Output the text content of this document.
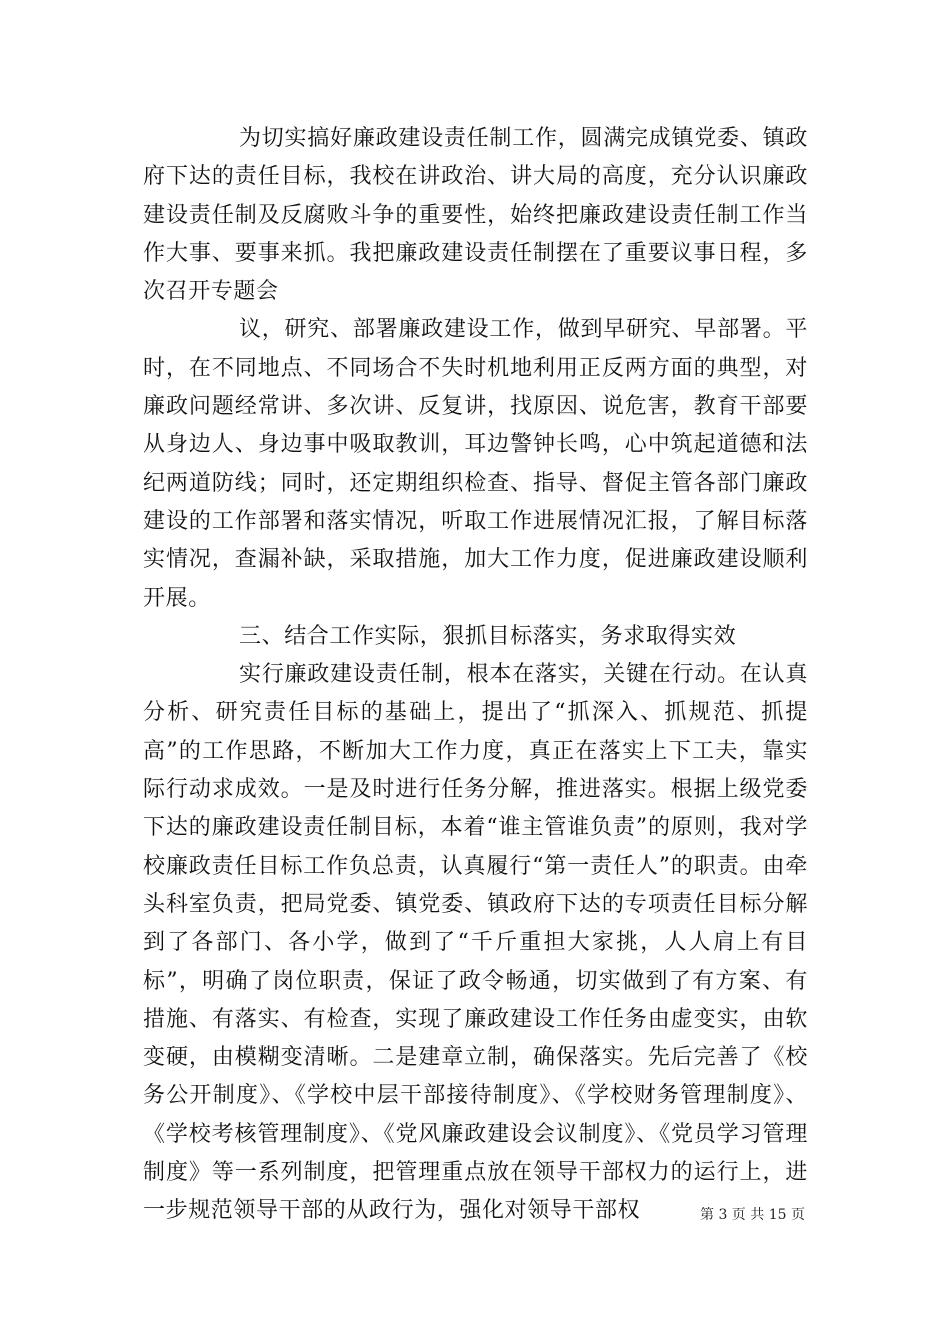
为切实搞好廉政建设责任制工作，圆满完成镇党委、镇政府下达的责任目标，我校在讲政治、讲大局的高度，充分认识廉政建设责任制及反腐败斗争的重要性，始终把廉政建设责任制工作当作大事、要事来抓。我把廉政建设责任制摆在了重要议事日程，多次召开专题会

议，研究、部署廉政建设工作，做到早研究、早部署。平时，在不同地点、不同场合不失时机地利用正反两方面的典型，对廉政问题经常讲、多次讲、反复讲，找原因、说危害，教育干部要从身边人、身边事中吸取教训，耳边警钟长鸣，心中筑起道德和法纪两道防线；同时，还定期组织检查、指导、督促主管各部门廉政建设的工作部署和落实情况，听取工作进展情况汇报，了解目标落实情况，查漏补缺，采取措施，加大工作力度，促进廉政建设顺利开展。

三、结合工作实际，狠抓目标落实，务求取得实效

实行廉政建设责任制，根本在落实，关键在行动。在认真分析、研究责任目标的基础上，提出了“抓深入、抓规范、抓提高”的工作思路，不断加大工作力度，真正在落实上下工夫，靠实际行动求成效。一是及时进行任务分解，推进落实。根据上级党委下达的廉政建设责任制目标，本着“谁主管谁负责”的原则，我对学校廉政责任目标工作负总责，认真履行“第一责任人”的职责。由牵头科室负责，把局党委、镇党委、镇政府下达的专项责任目标分解到了各部门、各小学，做到了“千斤重担大家挑，人人肩上有目标”，明确了岗位职责，保证了政令畅通，切实做到了有方案、有措施、有落实、有检查，实现了廉政建设工作任务由虚变实，由软变硬，由模糊变清晰。二是建章立制，确保落实。先后完善了《校务公开制度》、《学校中层干部接待制度》、《学校财务管理制度》、《学校考核管理制度》、《党风廉政建设会议制度》、《党员学习管理制度》等一系列制度，把管理重点放在领导干部权力的运行上，进一步规范领导干部的从政行为，强化对领导干部权	第 3 页 共 15 页
